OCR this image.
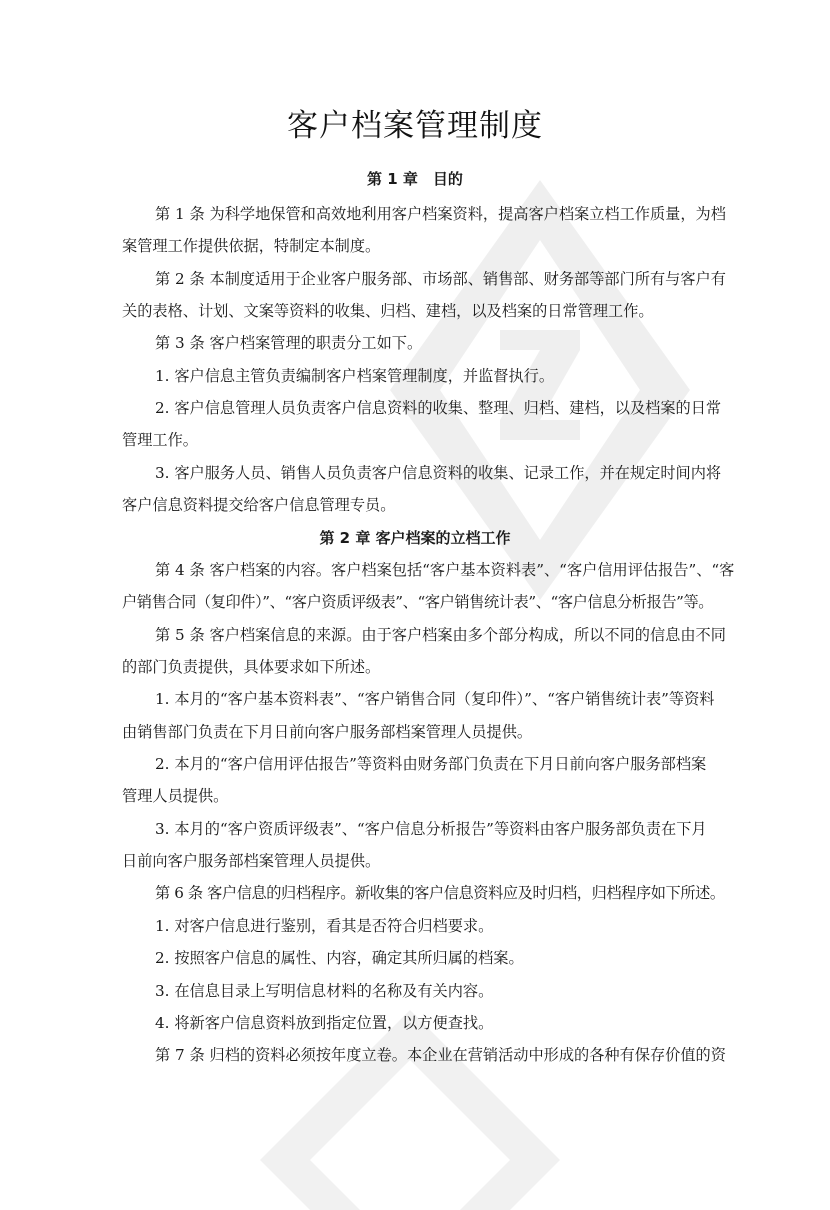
客户档案管理制度
第 1 章　目的
第 1 条 为科学地保管和高效地利用客户档案资料，提高客户档案立档工作质量，为档
案管理工作提供依据，特制定本制度。
第 2 条 本制度适用于企业客户服务部、市场部、销售部、财务部等部门所有与客户有
关的表格、计划、文案等资料的收集、归档、建档，以及档案的日常管理工作。
第 3 条 客户档案管理的职责分工如下。
1. 客户信息主管负责编制客户档案管理制度，并监督执行。
2. 客户信息管理人员负责客户信息资料的收集、整理、归档、建档，以及档案的日常
管理工作。
3. 客户服务人员、销售人员负责客户信息资料的收集、记录工作，并在规定时间内将
客户信息资料提交给客户信息管理专员。
第 2 章 客户档案的立档工作
第 4 条 客户档案的内容。客户档案包括“客户基本资料表”、“客户信用评估报告”、“客
户销售合同（复印件）”、“客户资质评级表”、“客户销售统计表”、“客户信息分析报告”等。
第 5 条 客户档案信息的来源。由于客户档案由多个部分构成，所以不同的信息由不同
的部门负责提供，具体要求如下所述。
1. 本月的“客户基本资料表”、“客户销售合同（复印件）”、“客户销售统计表”等资料
由销售部门负责在下月日前向客户服务部档案管理人员提供。
2. 本月的“客户信用评估报告”等资料由财务部门负责在下月日前向客户服务部档案
管理人员提供。
3. 本月的“客户资质评级表”、“客户信息分析报告”等资料由客户服务部负责在下月
日前向客户服务部档案管理人员提供。
第 6 条 客户信息的归档程序。新收集的客户信息资料应及时归档，归档程序如下所述。
1. 对客户信息进行鉴别，看其是否符合归档要求。
2. 按照客户信息的属性、内容，确定其所归属的档案。
3. 在信息目录上写明信息材料的名称及有关内容。
4. 将新客户信息资料放到指定位置，以方便查找。
第 7 条 归档的资料必须按年度立卷。本企业在营销活动中形成的各种有保存价值的资
